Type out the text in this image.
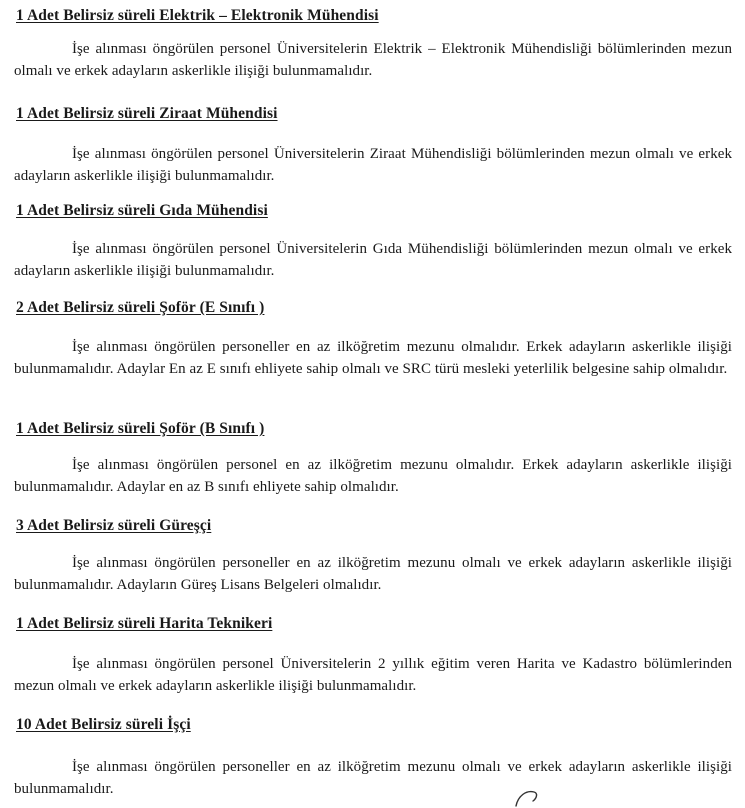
1 Adet Belirsiz süreli Elektrik – Elektronik Mühendisi
İşe alınması öngörülen personel Üniversitelerin Elektrik – Elektronik Mühendisliği bölümlerinden mezun olmalı ve erkek adayların askerlikle ilişiği bulunmamalıdır.
1 Adet Belirsiz süreli Ziraat Mühendisi
İşe alınması öngörülen personel Üniversitelerin Ziraat Mühendisliği bölümlerinden mezun olmalı ve erkek adayların askerlikle ilişiği bulunmamalıdır.
1 Adet Belirsiz süreli Gıda Mühendisi
İşe alınması öngörülen personel Üniversitelerin Gıda Mühendisliği bölümlerinden mezun olmalı ve erkek adayların askerlikle ilişiği bulunmamalıdır.
2 Adet Belirsiz süreli Şoför (E Sınıfı )
İşe alınması öngörülen personeller en az ilköğretim mezunu olmalıdır. Erkek adayların askerlikle ilişiği bulunmamalıdır. Adaylar En az E sınıfı ehliyete sahip olmalı ve SRC türü mesleki yeterlilik belgesine sahip olmalıdır.
1 Adet Belirsiz süreli Şoför (B Sınıfı )
İşe alınması öngörülen personel en az ilköğretim mezunu olmalıdır. Erkek adayların askerlikle ilişiği bulunmamalıdır. Adaylar en az B sınıfı ehliyete sahip olmalıdır.
3 Adet Belirsiz süreli Güreşçi
İşe alınması öngörülen personeller en az ilköğretim mezunu olmalı ve erkek adayların askerlikle ilişiği bulunmamalıdır. Adayların Güreş Lisans Belgeleri olmalıdır.
1 Adet Belirsiz süreli Harita Teknikeri
İşe alınması öngörülen personel Üniversitelerin 2 yıllık eğitim veren Harita ve Kadastro bölümlerinden mezun olmalı ve erkek adayların askerlikle ilişiği bulunmamalıdır.
10 Adet Belirsiz süreli İşçi
İşe alınması öngörülen personeller en az ilköğretim mezunu olmalı ve erkek adayların askerlikle ilişiği bulunmamalıdır.
